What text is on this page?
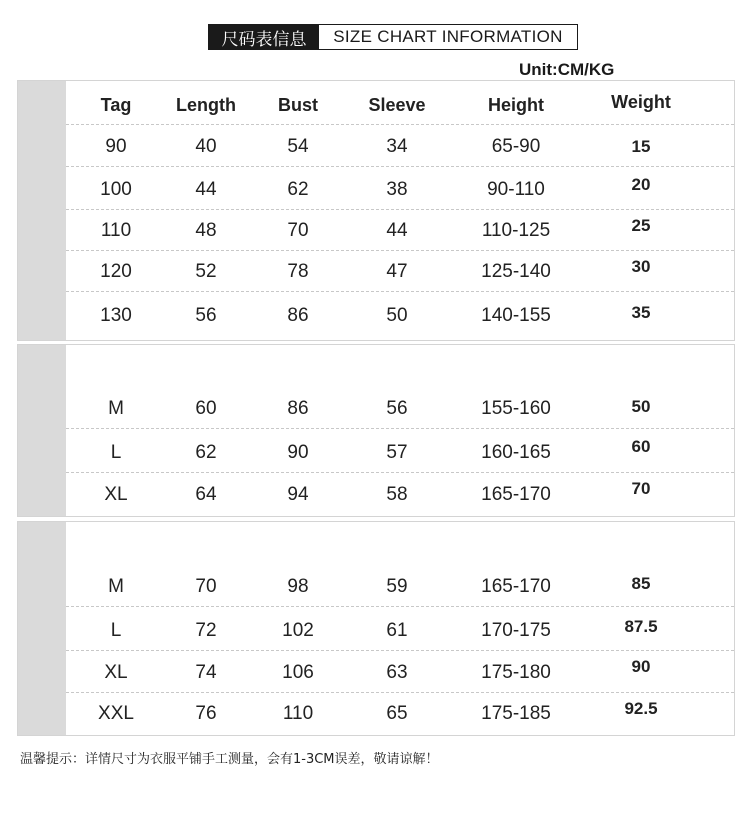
尺码表信息	SIZE CHART INFORMATION
Unit:CM/KG
Tag	Length	Bust	Sleeve	Height	Weight
90	40	54	34	65-90	15
100	44	62	38	90-110	20
110	48	70	44	110-125	25
120	52	78	47	125-140	30
130	56	86	50	140-155	35
M	60	86	56	155-160	50
L	62	90	57	160-165	60
XL	64	94	58	165-170	70
M	70	98	59	165-170	85
L	72	102	61	170-175	87.5
XL	74	106	63	175-180	90
XXL	76	110	65	175-185	92.5
温馨提示：详情尺寸为衣服平铺手工测量，会有1-3CM误差，敬请谅解！
